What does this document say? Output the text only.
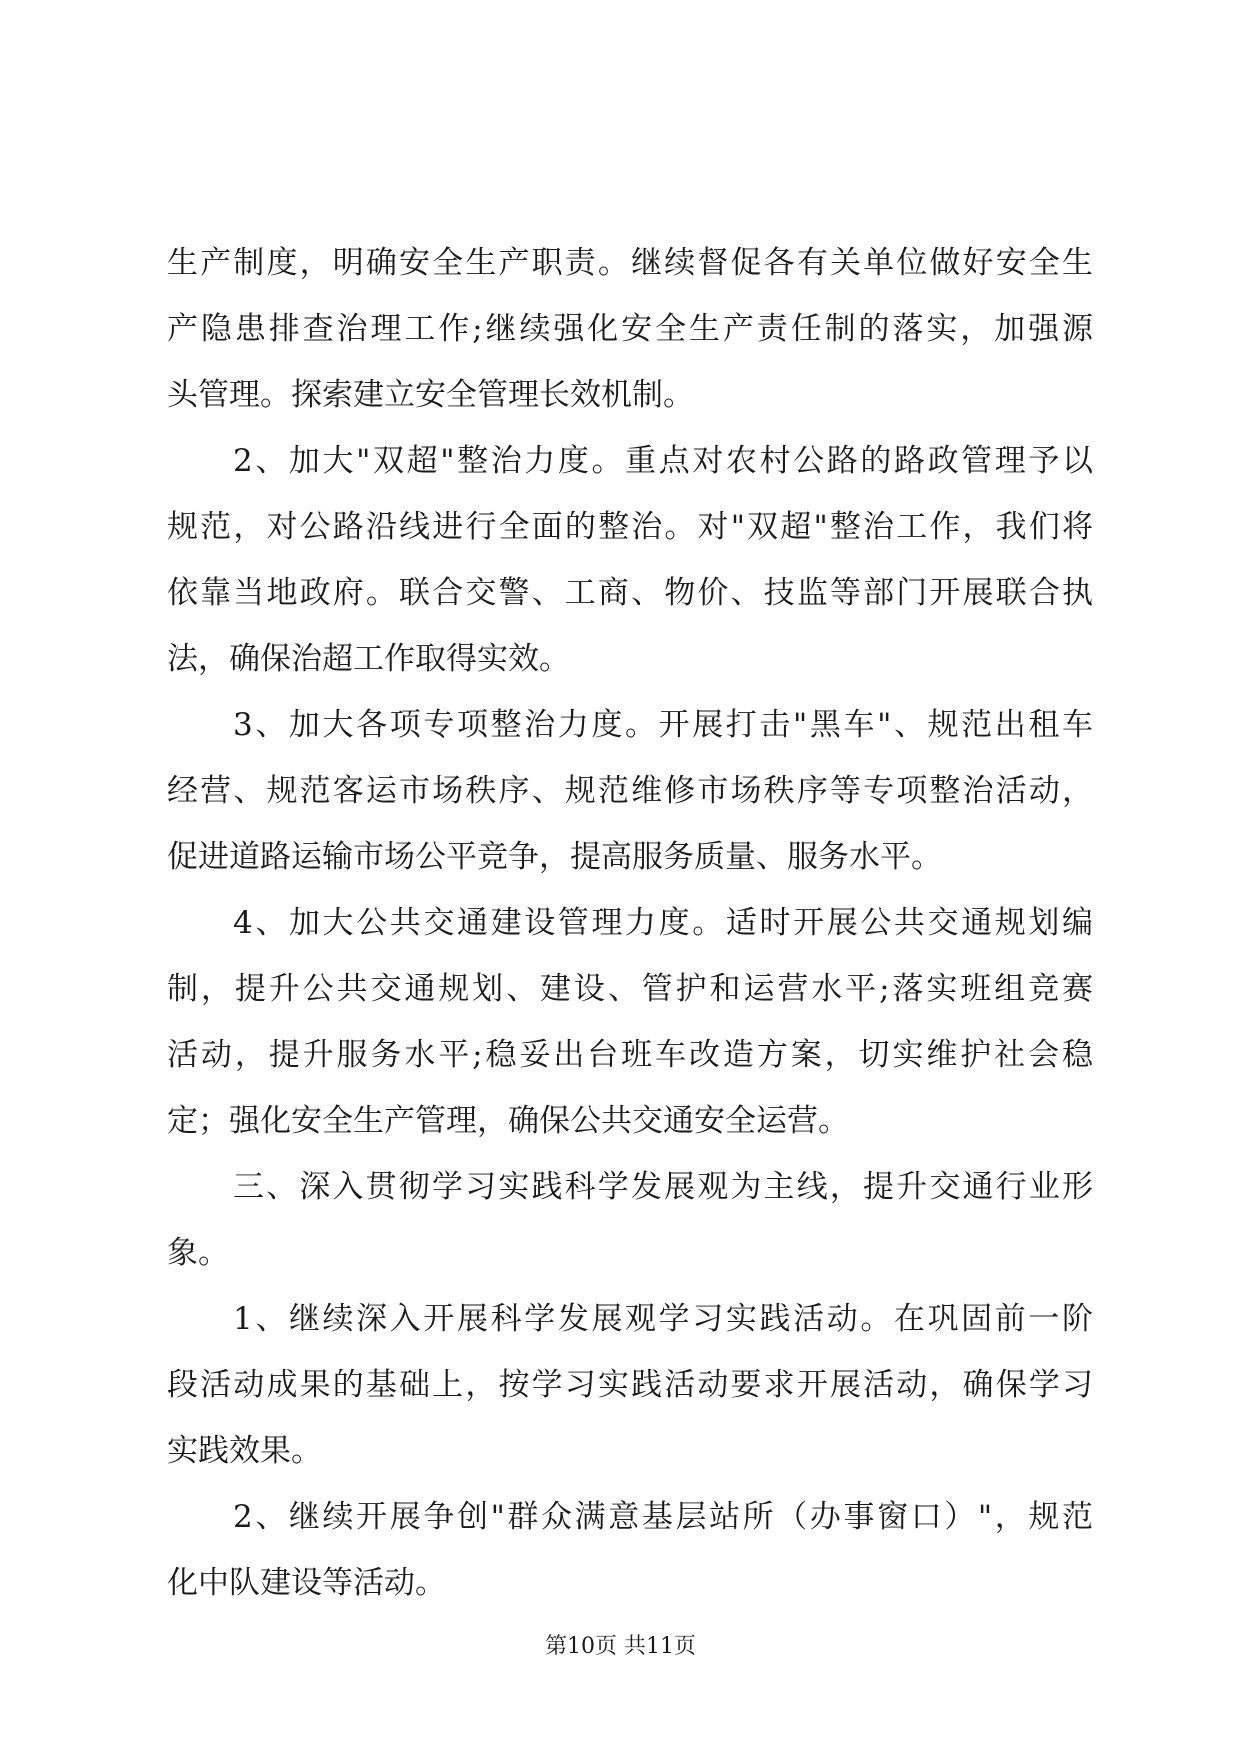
生产制度，明确安全生产职责。继续督促各有关单位做好安全生
产隐患排查治理工作;继续强化安全生产责任制的落实，加强源
头管理。探索建立安全管理长效机制。
2、加大"双超"整治力度。重点对农村公路的路政管理予以
规范，对公路沿线进行全面的整治。对"双超"整治工作，我们将
依靠当地政府。联合交警、工商、物价、技监等部门开展联合执
法，确保治超工作取得实效。
3、加大各项专项整治力度。开展打击"黑车"、规范出租车
经营、规范客运市场秩序、规范维修市场秩序等专项整治活动，
促进道路运输市场公平竞争，提高服务质量、服务水平。
4、加大公共交通建设管理力度。适时开展公共交通规划编
制，提升公共交通规划、建设、管护和运营水平;落实班组竞赛
活动，提升服务水平;稳妥出台班车改造方案，切实维护社会稳
定；强化安全生产管理，确保公共交通安全运营。
三、深入贯彻学习实践科学发展观为主线，提升交通行业形
象。
1、继续深入开展科学发展观学习实践活动。在巩固前一阶
段活动成果的基础上，按学习实践活动要求开展活动，确保学习
实践效果。
2、继续开展争创"群众满意基层站所（办事窗口）"，规范
化中队建设等活动。
第10页 共11页
